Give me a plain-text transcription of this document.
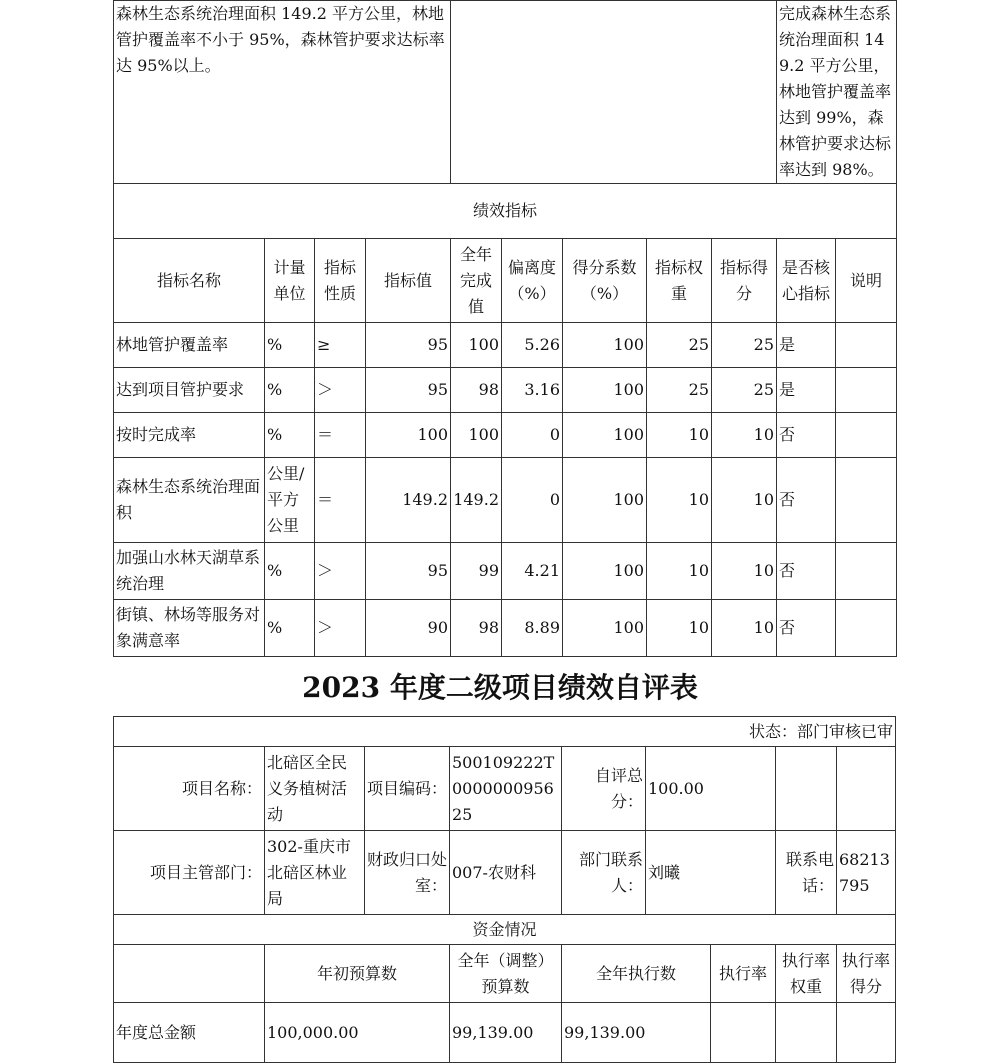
森林生态系统治理面积 149.2 平方公里，林地管护覆盖率不小于 95%，森林管护要求达标率达 95%以上。									完成森林生态系统治理面积 149.2 平方公里，林地管护覆盖率达到 99%，森林管护要求达标率达到 98%。	
绩效指标										
指标名称	计量单位	指标性质	指标值	全年完成值	偏离度（%）	得分系数（%）	指标权重	指标得分	是否核心指标	说明
林地管护覆盖率	%	≥	95	100	5.26	100	25	25	是	
达到项目管护要求	%	＞	95	98	3.16	100	25	25	是	
按时完成率	%	＝	100	100	0	100	10	10	否	
森林生态系统治理面积	公里/平方公里	＝	149.2	149.2	0	100	10	10	否	
加强山水林天湖草系统治理	%	＞	95	99	4.21	100	10	10	否	
街镇、林场等服务对象满意率	%	＞	90	98	8.89	100	10	10	否	
2023 年度二级项目绩效自评表
状态：部门审核已审								
项目名称：	北碚区全民义务植树活动	项目编码：	500109222T000000095625	自评总分：	100.00			
项目主管部门：	302-重庆市北碚区林业局	财政归口处室：	007-农财科	部门联系人：	刘曦		联系电话：	68213795
资金情况								
	年初预算数		全年（调整）预算数	全年执行数		执行率	执行率权重	执行率得分
年度总金额	100,000.00		99,139.00	99,139.00				
